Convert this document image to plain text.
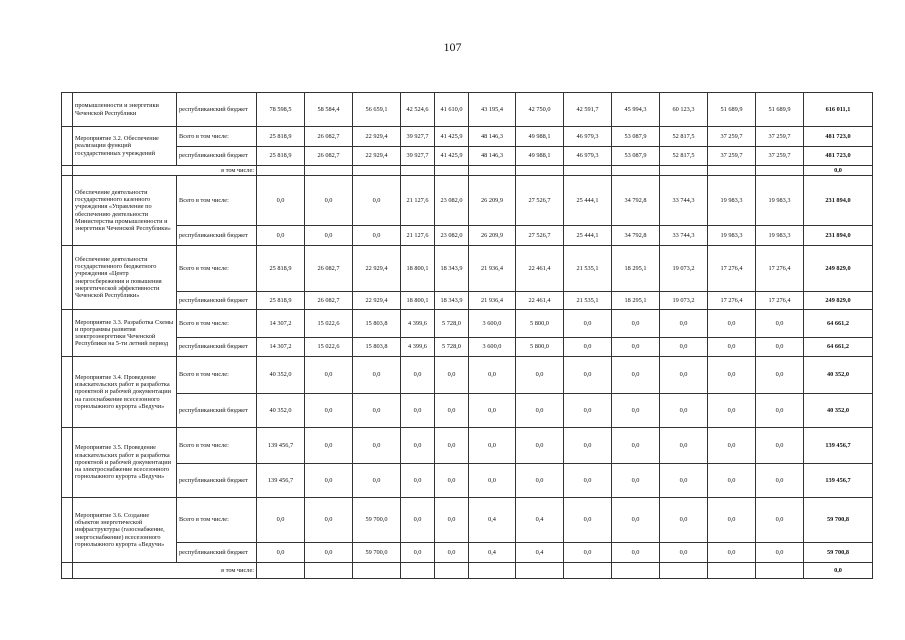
107
	промышленности и энергетики Чеченской Республики	республиканский бюджет	78 598,5	58 584,4	56 659,1	42 524,6	41 610,0	43 195,4	42 750,0	42 591,7	45 994,3	60 123,3	51 689,9	51 689,9	616 011,1
	Мероприятие 3.2. Обеспечение реализации функций государственных учреждений	Всего в том числе:	25 818,9	26 082,7	22 929,4	39 927,7	41 425,9	48 146,3	49 988,1	46 979,3	53 087,9	52 817,5	37 259,7	37 259,7	481 723,0
		республиканский бюджет	25 818,9	26 082,7	22 929,4	39 927,7	41 425,9	48 146,3	49 988,1	46 979,3	53 087,9	52 817,5	37 259,7	37 259,7	481 723,0
	в том числе:														0,0
	Обеспечение деятельности государственного казенного учреждения «Управление по обеспечению деятельности Министерства промышленности и энергетики Чеченской Республики»	Всего в том числе:	0,0	0,0	0,0	21 127,6	23 082,0	26 209,9	27 526,7	25 444,1	34 792,8	33 744,3	19 983,3	19 983,3	231 894,0
		республиканский бюджет	0,0	0,0	0,0	21 127,6	23 082,0	26 209,9	27 526,7	25 444,1	34 792,8	33 744,3	19 983,3	19 983,3	231 894,0
	Обеспечение деятельности государственного бюджетного учреждения «Центр энергосбережения и повышения энергетической эффективности Чеченской Республики»	Всего в том числе:	25 818,9	26 082,7	22 929,4	18 800,1	18 343,9	21 936,4	22 461,4	21 535,1	18 295,1	19 073,2	17 276,4	17 276,4	249 829,0
		республиканский бюджет	25 818,9	26 082,7	22 929,4	18 800,1	18 343,9	21 936,4	22 461,4	21 535,1	18 295,1	19 073,2	17 276,4	17 276,4	249 829,0
	Мероприятие 3.3. Разработка Схемы и программы развития электроэнергетики Чеченской Республики на 5-ти летний период	Всего в том числе:	14 307,2	15 022,6	15 803,8	4 399,6	5 728,0	3 600,0	5 800,0	0,0	0,0	0,0	0,0	0,0	64 661,2
		республиканский бюджет	14 307,2	15 022,6	15 803,8	4 399,6	5 728,0	3 600,0	5 800,0	0,0	0,0	0,0	0,0	0,0	64 661,2
	Мероприятие 3.4. Проведение изыскательских работ и разработка проектной и рабочей документации на газоснабжение всесезонного горнолыжного курорта «Ведучи»	Всего в том числе:	40 352,0	0,0	0,0	0,0	0,0	0,0	0,0	0,0	0,0	0,0	0,0	0,0	40 352,0
		республиканский бюджет	40 352,0	0,0	0,0	0,0	0,0	0,0	0,0	0,0	0,0	0,0	0,0	0,0	40 352,0
	Мероприятие 3.5. Проведение изыскательских работ и разработка проектной и рабочей документации на электроснабжение всесезонного горнолыжного курорта «Ведучи»	Всего в том числе:	139 456,7	0,0	0,0	0,0	0,0	0,0	0,0	0,0	0,0	0,0	0,0	0,0	139 456,7
		республиканский бюджет	139 456,7	0,0	0,0	0,0	0,0	0,0	0,0	0,0	0,0	0,0	0,0	0,0	139 456,7
	Мероприятие 3.6. Создание объектов энергетической инфраструктуры (газоснабжение, энергоснабжение) всесезонного горнолыжного курорта «Ведучи»	Всего в том числе:	0,0	0,0	59 700,0	0,0	0,0	0,4	0,4	0,0	0,0	0,0	0,0	0,0	59 700,8
		республиканский бюджет	0,0	0,0	59 700,0	0,0	0,0	0,4	0,4	0,0	0,0	0,0	0,0	0,0	59 700,8
	в том числе:														0,0
